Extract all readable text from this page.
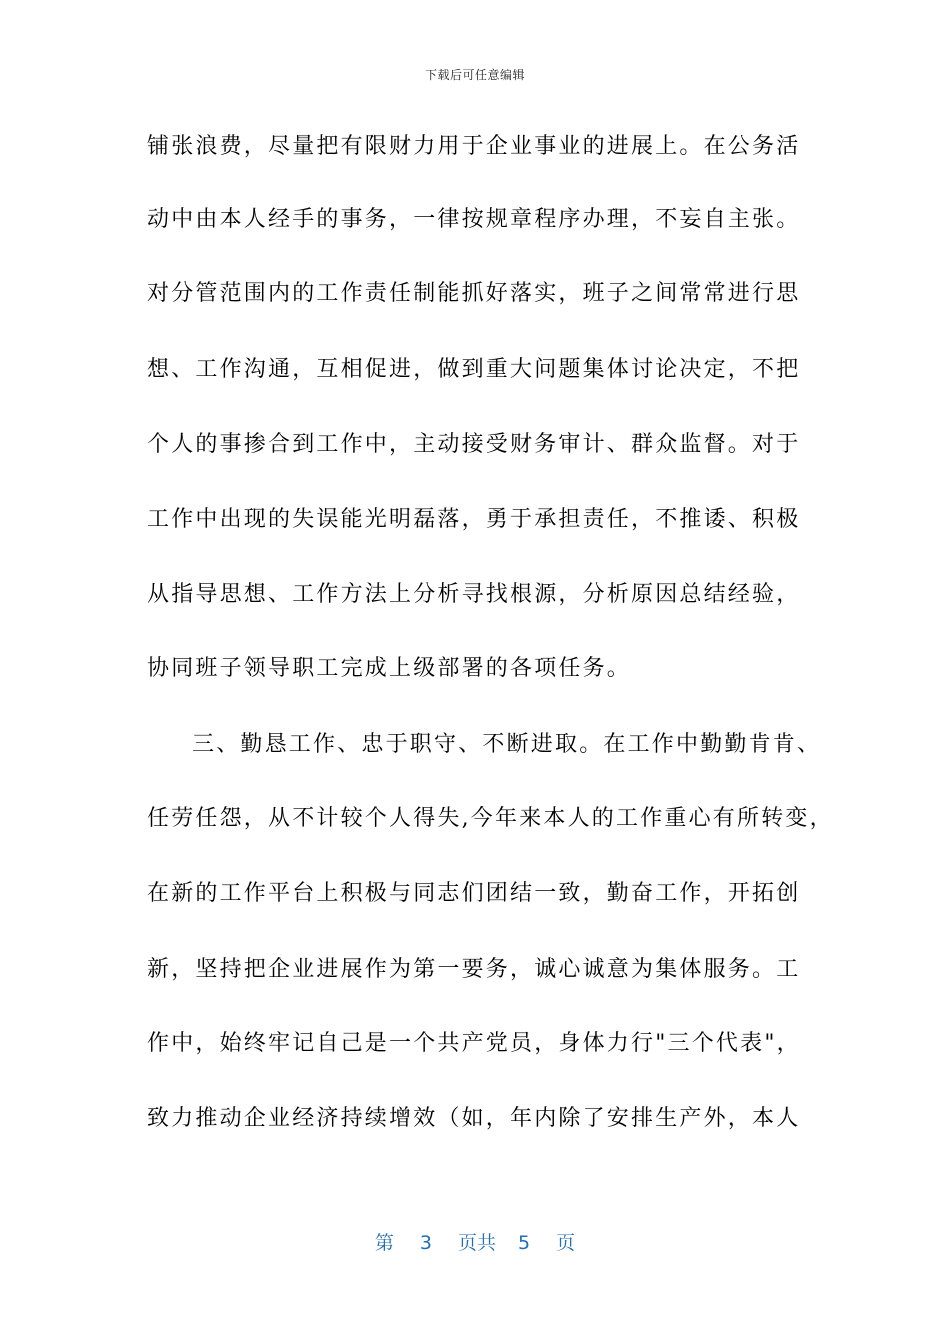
下载后可任意编辑
铺张浪费，尽量把有限财力用于企业事业的进展上。在公务活
动中由本人经手的事务，一律按规章程序办理，不妄自主张。
对分管范围内的工作责任制能抓好落实，班子之间常常进行思
想、工作沟通，互相促进，做到重大问题集体讨论决定，不把
个人的事掺合到工作中，主动接受财务审计、群众监督。对于
工作中出现的失误能光明磊落，勇于承担责任，不推诿、积极
从指导思想、工作方法上分析寻找根源，分析原因总结经验，
协同班子领导职工完成上级部署的各项任务。
三、勤恳工作、忠于职守、不断进取。在工作中勤勤肯肯、
任劳任怨，从不计较个人得失,今年来本人的工作重心有所转变，
在新的工作平台上积极与同志们团结一致，勤奋工作，开拓创
新，坚持把企业进展作为第一要务，诚心诚意为集体服务。工
作中，始终牢记自己是一个共产党员，身体力行"三个代表"，
致力推动企业经济持续增效（如，年内除了安排生产外，本人
第 3 页共 5 页
